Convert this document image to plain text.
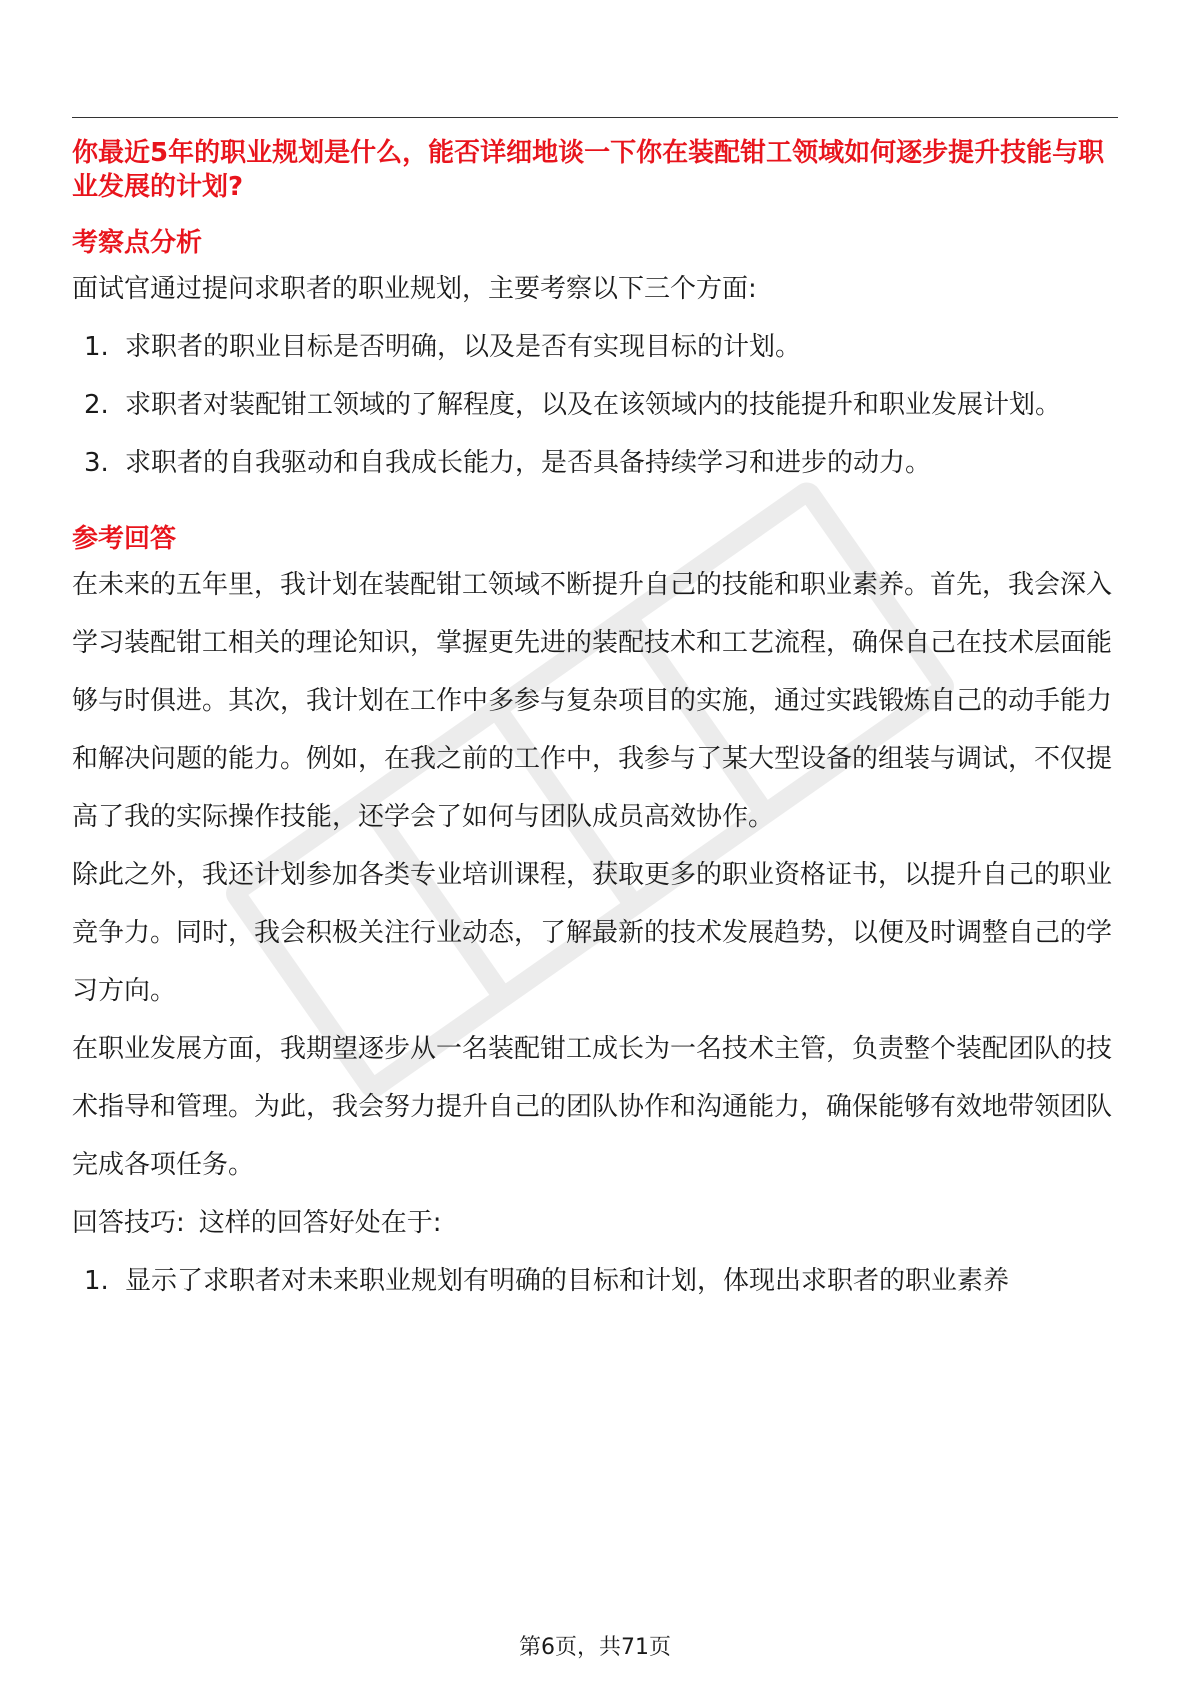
你最近5年的职业规划是什么，能否详细地谈一下你在装配钳工领域如何逐步提升技能与职业发展的计划?
考察点分析

面试官通过提问求职者的职业规划，主要考察以下三个方面:

1. 求职者的职业目标是否明确，以及是否有实现目标的计划。
2. 求职者对装配钳工领域的了解程度，以及在该领域内的技能提升和职业发展计划。
3. 求职者的自我驱动和自我成长能力，是否具备持续学习和进步的动力。
参考回答

在未来的五年里，我计划在装配钳工领域不断提升自己的技能和职业素养。首先，我会深入学习装配钳工相关的理论知识，掌握更先进的装配技术和工艺流程，确保自己在技术层面能够与时俱进。其次，我计划在工作中多参与复杂项目的实施，通过实践锻炼自己的动手能力和解决问题的能力。例如，在我之前的工作中，我参与了某大型设备的组装与调试，不仅提高了我的实际操作技能，还学会了如何与团队成员高效协作。

除此之外，我还计划参加各类专业培训课程，获取更多的职业资格证书，以提升自己的职业竞争力。同时，我会积极关注行业动态，了解最新的技术发展趋势，以便及时调整自己的学习方向。

在职业发展方面，我期望逐步从一名装配钳工成长为一名技术主管，负责整个装配团队的技术指导和管理。为此，我会努力提升自己的团队协作和沟通能力，确保能够有效地带领团队完成各项任务。

回答技巧: 这样的回答好处在于:

1. 显示了求职者对未来职业规划有明确的目标和计划，体现出求职者的职业素养
第6页，共71页
